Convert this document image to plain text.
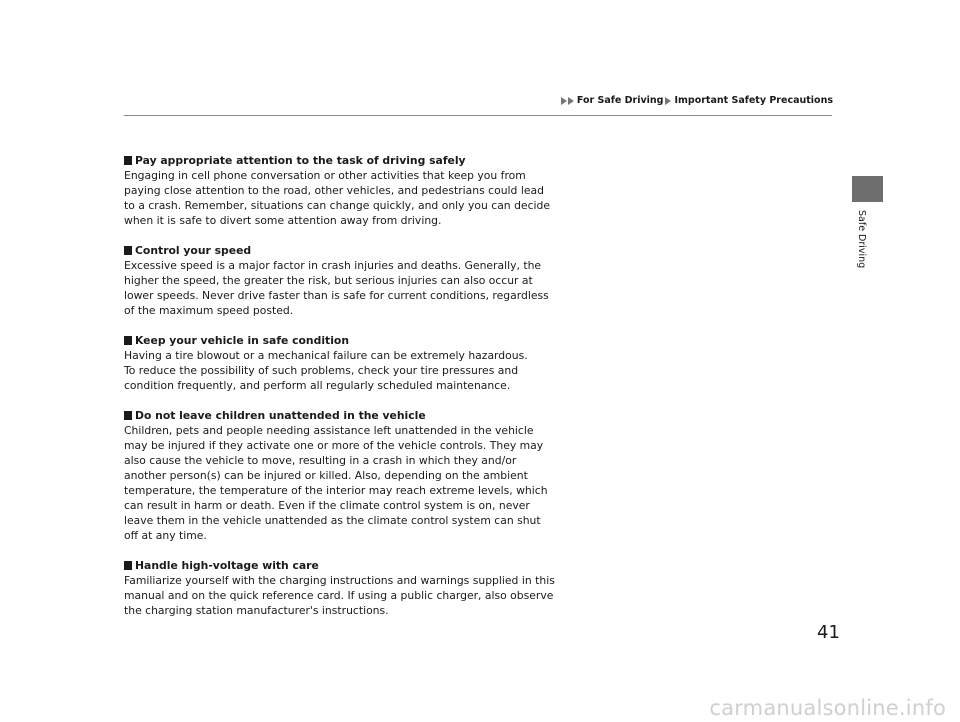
For Safe Driving Important Safety Precautions
Safe Driving
Pay appropriate attention to the task of driving safely
Engaging in cell phone conversation or other activities that keep you from paying close attention to the road, other vehicles, and pedestrians could lead to a crash. Remember, situations can change quickly, and only you can decide when it is safe to divert some attention away from driving.
Control your speed
Excessive speed is a major factor in crash injuries and deaths. Generally, the higher the speed, the greater the risk, but serious injuries can also occur at lower speeds. Never drive faster than is safe for current conditions, regardless of the maximum speed posted.
Keep your vehicle in safe condition
Having a tire blowout or a mechanical failure can be extremely hazardous.
To reduce the possibility of such problems, check your tire pressures and condition frequently, and perform all regularly scheduled maintenance.
Do not leave children unattended in the vehicle
Children, pets and people needing assistance left unattended in the vehicle may be injured if they activate one or more of the vehicle controls. They may also cause the vehicle to move, resulting in a crash in which they and/or another person(s) can be injured or killed. Also, depending on the ambient temperature, the temperature of the interior may reach extreme levels, which can result in harm or death. Even if the climate control system is on, never leave them in the vehicle unattended as the climate control system can shut off at any time.
Handle high-voltage with care
Familiarize yourself with the charging instructions and warnings supplied in this manual and on the quick reference card. If using a public charger, also observe the charging station manufacturer's instructions.
41
carmanualsonline.info
